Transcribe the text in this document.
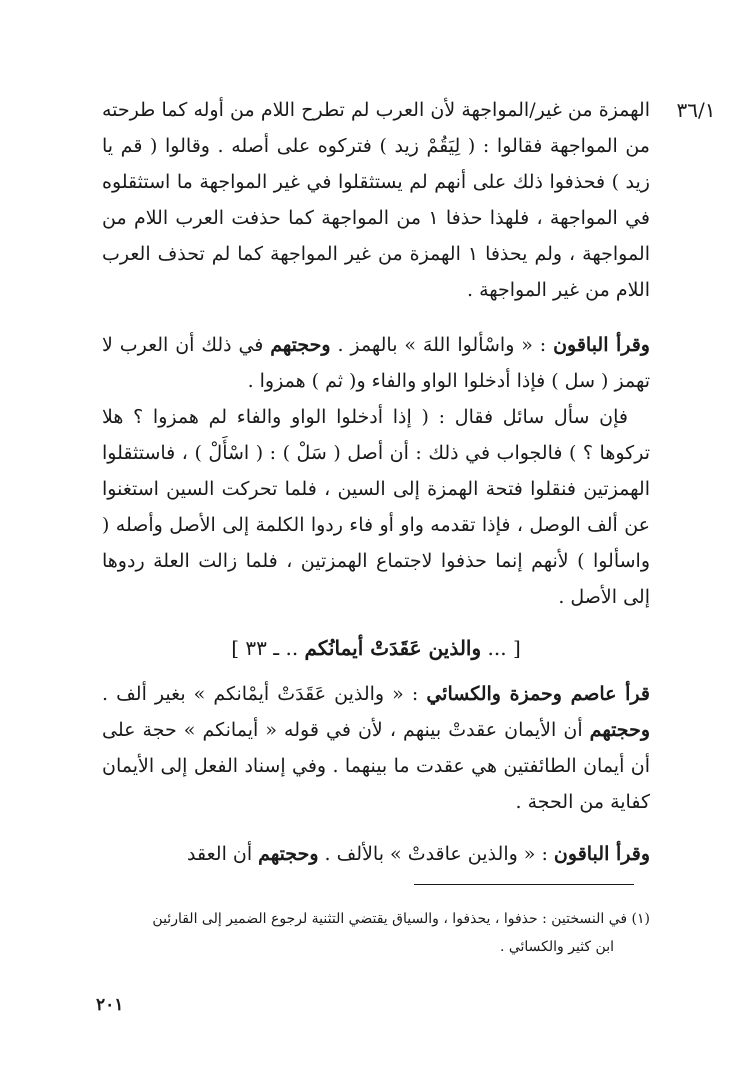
٣٦/١
الهمزة من غير/المواجهة لأن العرب لم تطرح اللام من أوله كما طرحته من المواجهة فقالوا : ( لِيَقُمْ زيد ) فتركوه على أصله . وقالوا ( قم يا زيد ) فحذفوا ذلك على أنهم لم يستثقلوا في غير المواجهة ما استثقلوه في المواجهة ، فلهذا حذفا ١ من المواجهة كما حذفت العرب اللام من المواجهة ، ولم يحذفا ١ الهمزة من غير المواجهة كما لم تحذف العرب اللام من غير المواجهة .
وقرأ الباقون : « واسْألوا اللهَ » بالهمز . وحجتهم في ذلك أن العرب لا تهمز ( سل ) فإذا أدخلوا الواو والفاء و( ثم ) همزوا .
فإن سأل سائل فقال : ( إذا أدخلوا الواو والفاء لم همزوا ؟ هلا تركوها ؟ ) فالجواب في ذلك : أن أصل ( سَلْ ) : ( اسْأَلْ ) ، فاستثقلوا الهمزتين فنقلوا فتحة الهمزة إلى السين ، فلما تحركت السين استغنوا عن ألف الوصل ، فإذا تقدمه واو أو فاء ردوا الكلمة إلى الأصل وأصله ( واسألوا ) لأنهم إنما حذفوا لاجتماع الهمزتين ، فلما زالت العلة ردوها إلى الأصل .
[ ... والذين عَقَدَتْ أيمانُكم .. ـ ٣٣ ]
قرأ عاصم وحمزة والكسائي : « والذين عَقَدَتْ أيمْانكم » بغير ألف . وحجتهم أن الأيمان عقدتْ بينهم ، لأن في قوله « أيمانكم » حجة على أن أيمان الطائفتين هي عقدت ما بينهما . وفي إسناد الفعل إلى الأيمان كفاية من الحجة .
وقرأ الباقون : « والذين عاقدتْ » بالألف . وحجتهم أن العقد
(١) في النسختين : حذفوا ، يحذفوا ، والسياق يقتضي التثنية لرجوع الضمير إلى القارئين
ابن كثير والكسائي .
٢٠١
